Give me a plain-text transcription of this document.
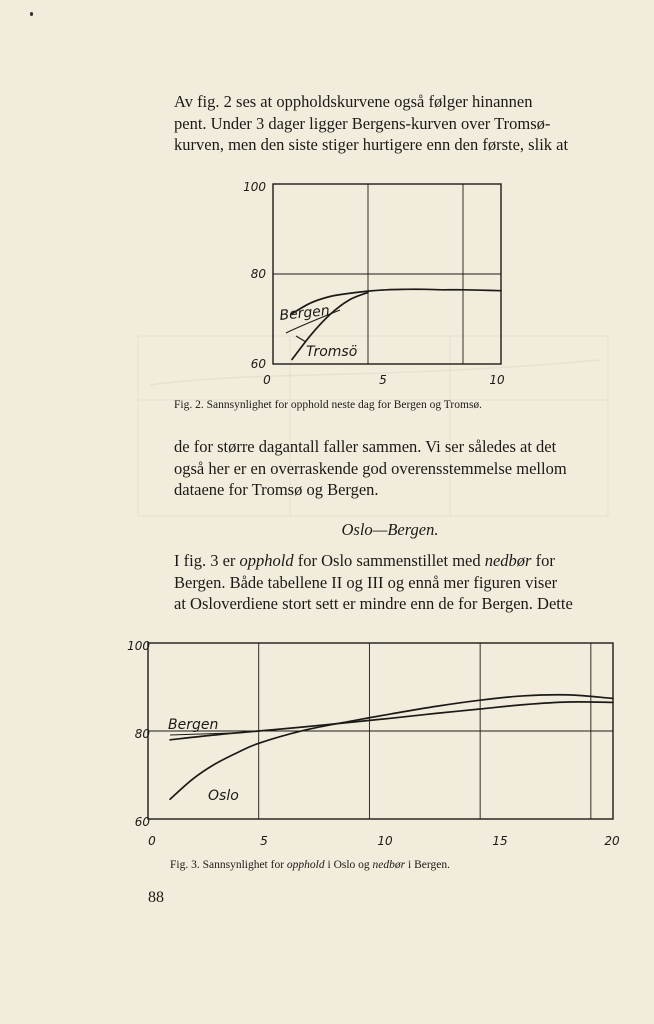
Av fig. 2 ses at oppholdskurvene også følger hinannen
pent. Under 3 dager ligger Bergens-kurven over Tromsø-
kurven, men den siste stiger hurtigere enn den første, slik at
0	5	10
60
80
100
Bergen
Tromsö
Fig. 2. Sannsynlighet for opphold neste dag for Bergen og Tromsø.
de for større dagantall faller sammen. Vi ser således at det
også her er en overraskende god overensstemmelse mellom
dataene for Tromsø og Bergen.
Oslo—Bergen.
I fig. 3 er opphold for Oslo sammenstillet med nedbør for
Bergen. Både tabellene II og III og ennå mer figuren viser
at Osloverdiene stort sett er mindre enn de for Bergen. Dette
0	5	10	15	20
60
80
100
Bergen
Oslo
Fig. 3. Sannsynlighet for opphold i Oslo og nedbør i Bergen.
88
